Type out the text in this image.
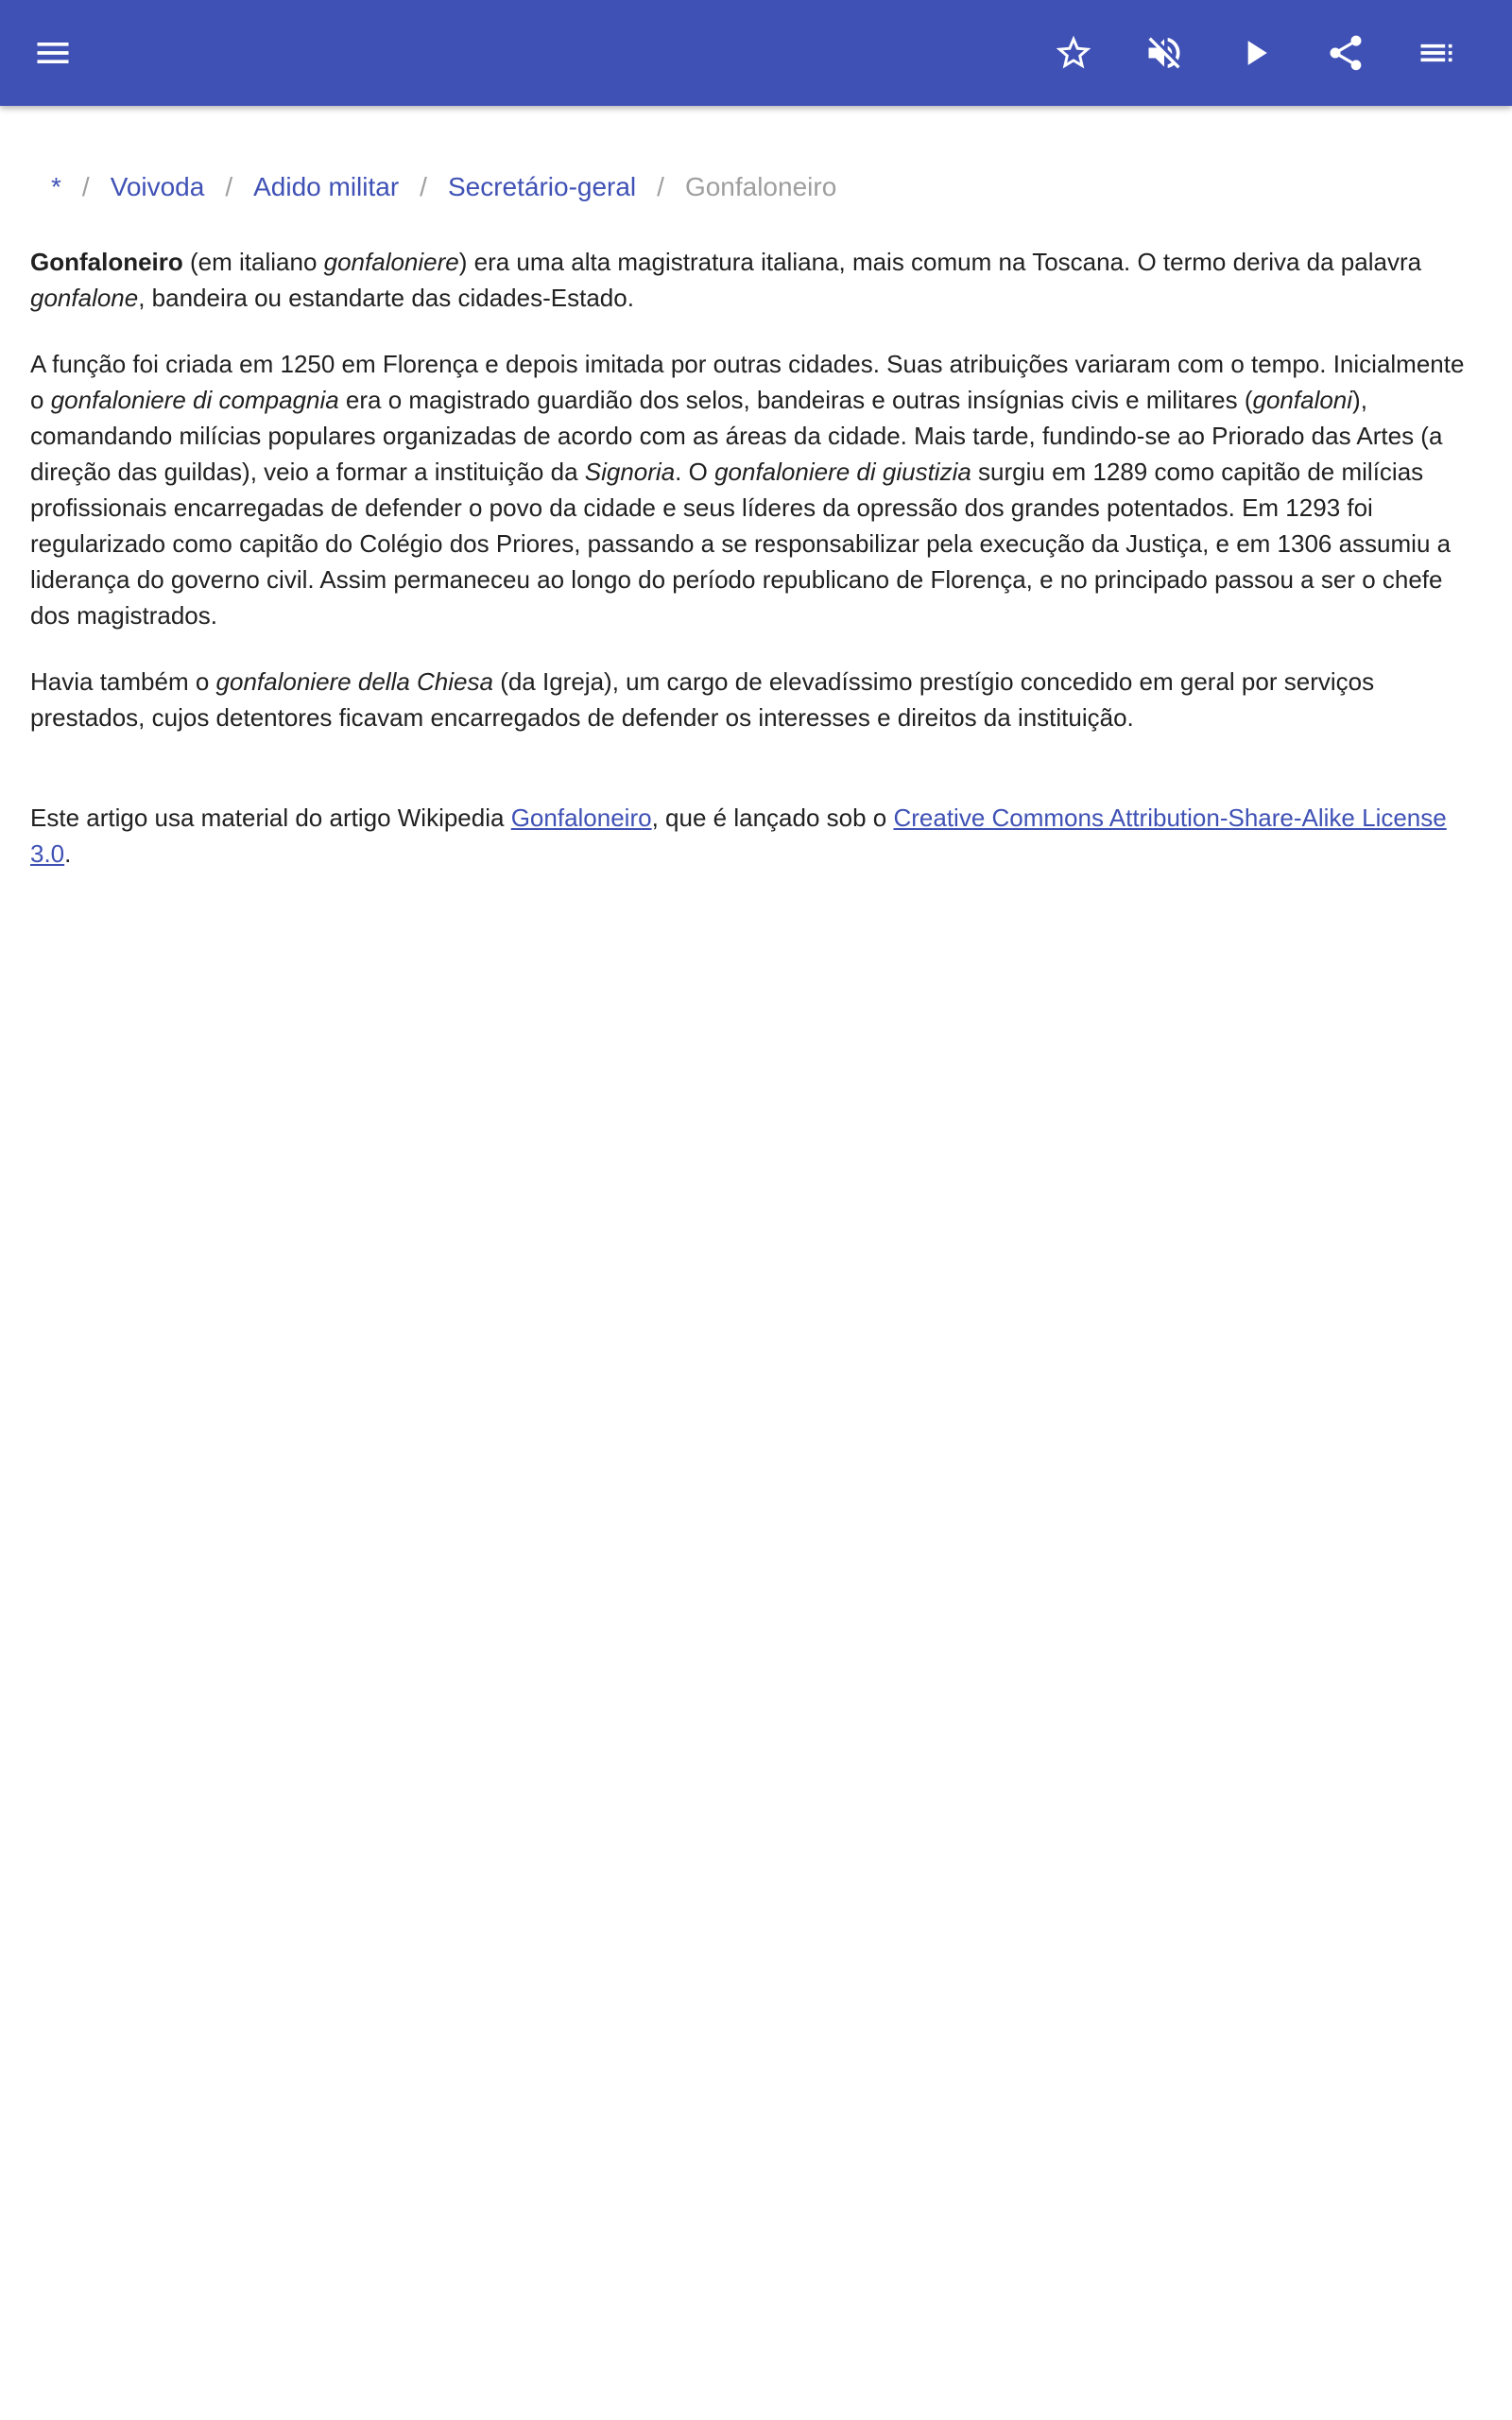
* / Voivoda / Adido militar / Secretário-geral / Gonfaloneiro

Gonfaloneiro (em italiano gonfaloniere) era uma alta magistratura italiana, mais comum na Toscana. O termo deriva da palavra gonfalone, bandeira ou estandarte das cidades-Estado.

A função foi criada em 1250 em Florença e depois imitada por outras cidades. Suas atribuições variaram com o tempo. Inicialmente o gonfaloniere di compagnia era o magistrado guardião dos selos, bandeiras e outras insígnias civis e militares (gonfaloni), comandando milícias populares organizadas de acordo com as áreas da cidade. Mais tarde, fundindo-se ao Priorado das Artes (a direção das guildas), veio a formar a instituição da Signoria. O gonfaloniere di giustizia surgiu em 1289 como capitão de milícias profissionais encarregadas de defender o povo da cidade e seus líderes da opressão dos grandes potentados. Em 1293 foi regularizado como capitão do Colégio dos Priores, passando a se responsabilizar pela execução da Justiça, e em 1306 assumiu a liderança do governo civil. Assim permaneceu ao longo do período republicano de Florença, e no principado passou a ser o chefe dos magistrados.

Havia também o gonfaloniere della Chiesa (da Igreja), um cargo de elevadíssimo prestígio concedido em geral por serviços prestados, cujos detentores ficavam encarregados de defender os interesses e direitos da instituição.

Este artigo usa material do artigo Wikipedia Gonfaloneiro, que é lançado sob o Creative Commons Attribution-Share-Alike License 3.0.
